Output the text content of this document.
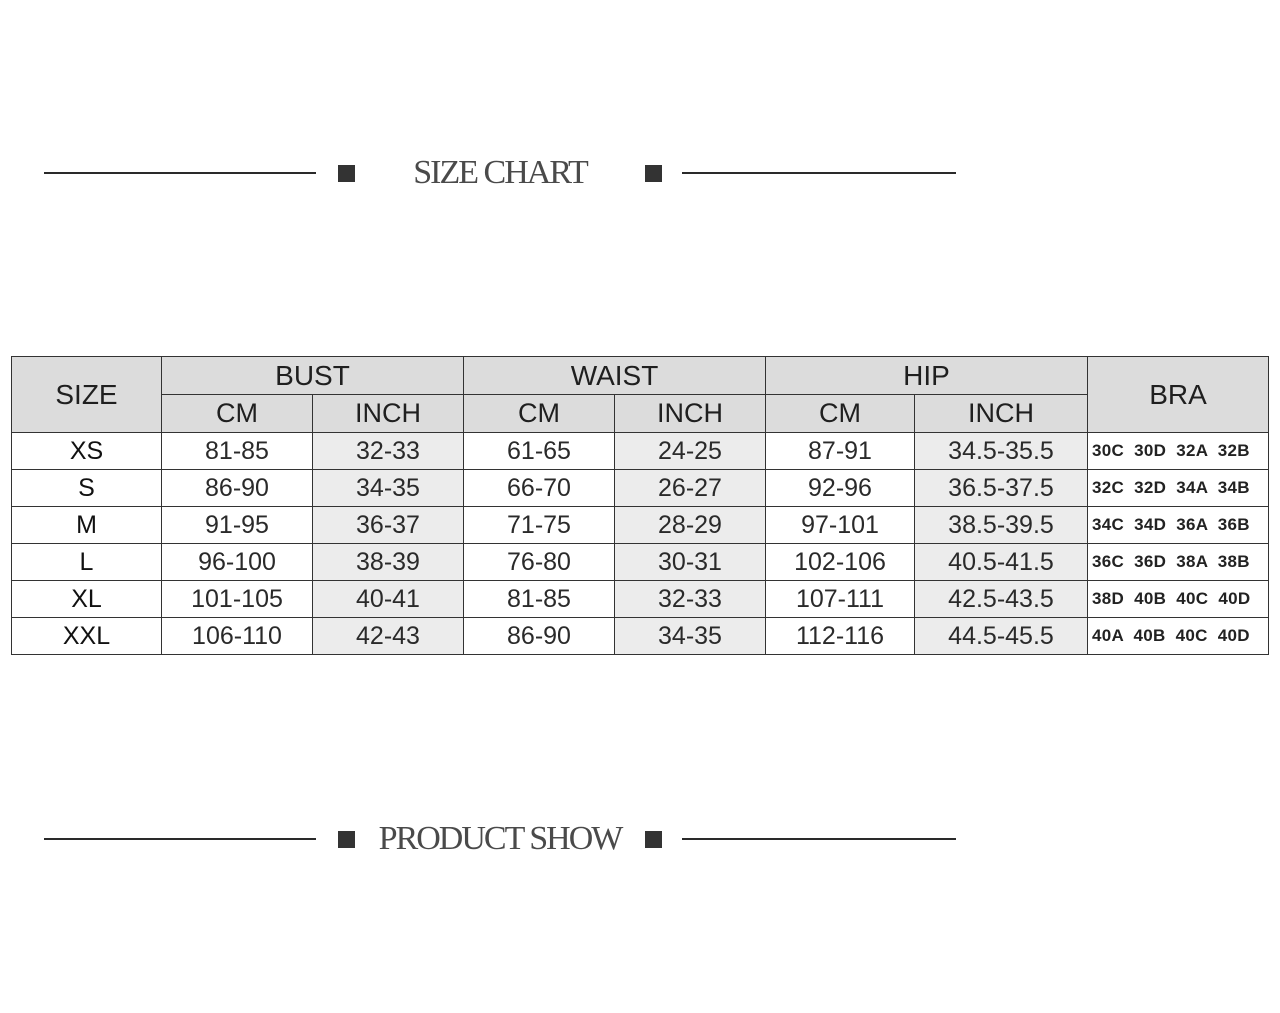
SIZE CHART
SIZE	BUST		WAIST		HIP		BRA
	CM	INCH	CM	INCH	CM	INCH	
XS	81-85	32-33	61-65	24-25	87-91	34.5-35.5	30C 30D 32A 32B
S	86-90	34-35	66-70	26-27	92-96	36.5-37.5	32C 32D 34A 34B
M	91-95	36-37	71-75	28-29	97-101	38.5-39.5	34C 34D 36A 36B
L	96-100	38-39	76-80	30-31	102-106	40.5-41.5	36C 36D 38A 38B
XL	101-105	40-41	81-85	32-33	107-111	42.5-43.5	38D 40B 40C 40D
XXL	106-110	42-43	86-90	34-35	112-116	44.5-45.5	40A 40B 40C 40D
PRODUCT SHOW
